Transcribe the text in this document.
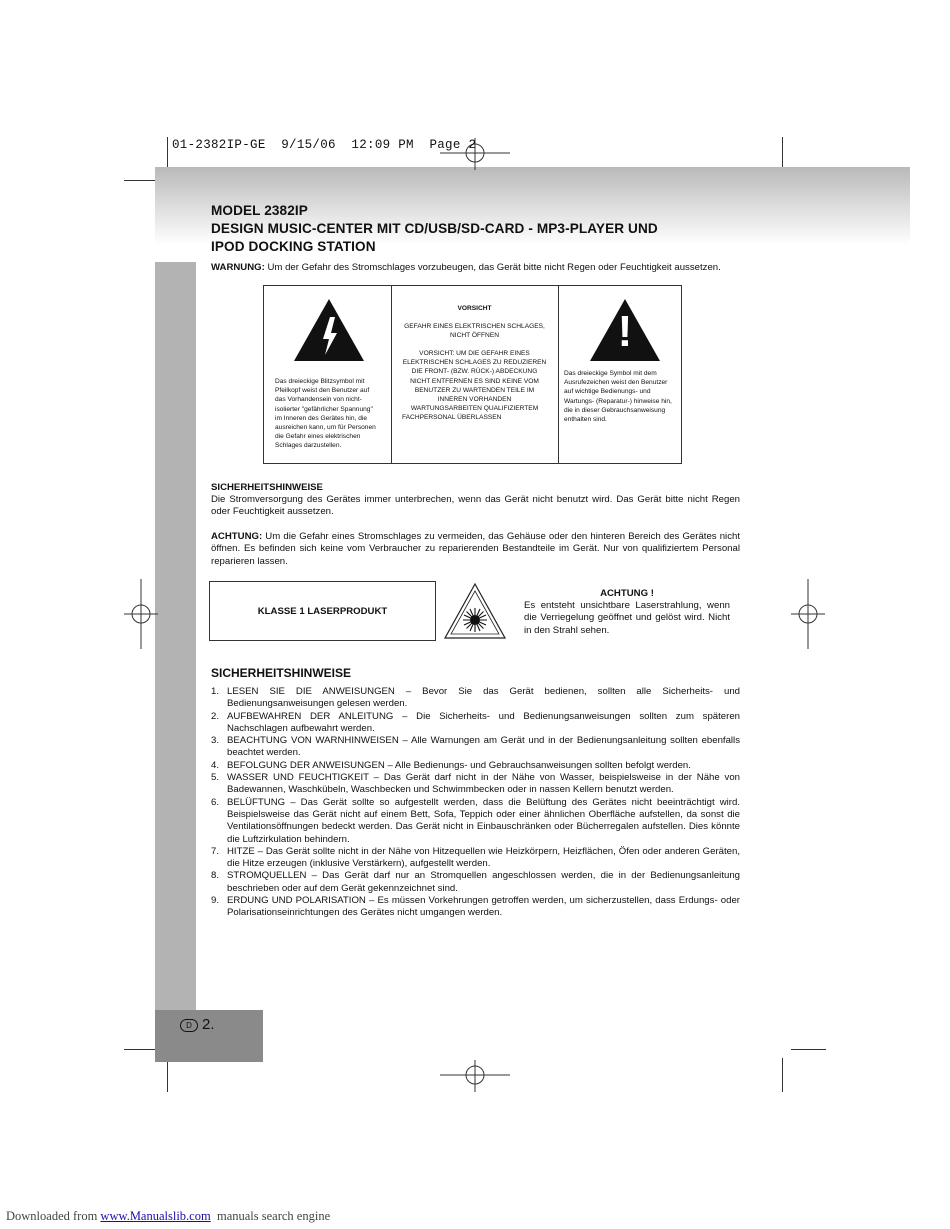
01-2382IP-GE  9/15/06  12:09 PM  Page 2
MODEL 2382IP
DESIGN MUSIC-CENTER MIT CD/USB/SD-CARD - MP3-PLAYER UND
IPOD DOCKING STATION
WARNUNG: Um der Gefahr des Stromschlages vorzubeugen, das Gerät bitte nicht Regen oder Feuchtigkeit aussetzen.
Das dreieckige Blitzsymbol mit
Pfeilkopf weist den Benutzer auf
das Vorhandensein von nicht-
isolierter "gefährlicher Spannung"
im Inneren des Gerätes hin, die
ausreichen kann, um für Personen
die Gefahr eines elektrischen
Schlages darzustellen.
VORSICHT
GEFAHR EINES ELEKTRISCHEN SCHLAGES,
NICHT ÖFFNEN
VORSICHT: UM DIE GEFAHR EINES
ELEKTRISCHEN SCHLAGES ZU REDUZIEREN
DIE FRONT- (BZW. RÜCK-) ABDECKUNG
NICHT ENTFERNEN ES SIND KEINE VOM
BENUTZER ZU WARTENDEN TEILE IM
INNEREN VORHANDEN
WARTUNGSARBEITEN QUALIFIZIERTEM
FACHPERSONAL ÜBERLASSEN
!
Das dreieckige Symbol mit dem
Ausrufezeichen weist den Benutzer
auf wichtige Bedienungs- und
Wartungs- (Reparatur-) hinweise hin,
die in dieser Gebrauchsanweisung
enthalten sind.
SICHERHEITSHINWEISE
Die Stromversorgung des Gerätes immer unterbrechen, wenn das Gerät nicht benutzt wird. Das Gerät bitte nicht Regen oder Feuchtigkeit aussetzen.
ACHTUNG: Um die Gefahr eines Stromschlages zu vermeiden, das Gehäuse oder den hinteren Bereich des Gerätes nicht öffnen. Es befinden sich keine vom Verbraucher zu reparierenden Bestandteile im Gerät. Nur von qualifiziertem Personal reparieren lassen.
KLASSE 1 LASERPRODUKT
ACHTUNG !
Es entsteht unsichtbare Laserstrahlung, wenn die Verriegelung geöffnet und gelöst wird. Nicht in den Strahl sehen.
SICHERHEITSHINWEISE
1. LESEN SIE DIE ANWEISUNGEN – Bevor Sie das Gerät bedienen, sollten alle Sicherheits- und Bedienungsanweisungen gelesen werden.
2. AUFBEWAHREN DER ANLEITUNG – Die Sicherheits- und Bedienungsanweisungen sollten zum späteren Nachschlagen aufbewahrt werden.
3. BEACHTUNG VON WARNHINWEISEN – Alle Warnungen am Gerät und in der Bedienungsanleitung sollten ebenfalls beachtet werden.
4. BEFOLGUNG DER ANWEISUNGEN – Alle Bedienungs- und Gebrauchsanweisungen sollten befolgt werden.
5. WASSER UND FEUCHTIGKEIT – Das Gerät darf nicht in der Nähe von Wasser, beispielsweise in der Nähe von Badewannen, Waschkübeln, Waschbecken und Schwimmbecken oder in nassen Kellern benutzt werden.
6. BELÜFTUNG – Das Gerät sollte so aufgestellt werden, dass die Belüftung des Gerätes nicht beeinträchtigt wird. Beispielsweise das Gerät nicht auf einem Bett, Sofa, Teppich oder einer ähnlichen Oberfläche aufstellen, da sonst die Ventilationsöffnungen bedeckt werden. Das Gerät nicht in Einbauschränken oder Bücherregalen aufstellen. Dies könnte die Luftzirkulation behindern.
7. HITZE – Das Gerät sollte nicht in der Nähe von Hitzequellen wie Heizkörpern, Heizflächen, Öfen oder anderen Geräten, die Hitze erzeugen (inklusive Verstärkern), aufgestellt werden.
8. STROMQUELLEN – Das Gerät darf nur an Stromquellen angeschlossen werden, die in der Bedienungsanleitung beschrieben oder auf dem Gerät gekennzeichnet sind.
9. ERDUNG UND POLARISATION – Es müssen Vorkehrungen getroffen werden, um sicherzustellen, dass Erdungs- oder Polarisationseinrichtungen des Gerätes nicht umgangen werden.
D 2.
Downloaded from www.Manualslib.com  manuals search engine
